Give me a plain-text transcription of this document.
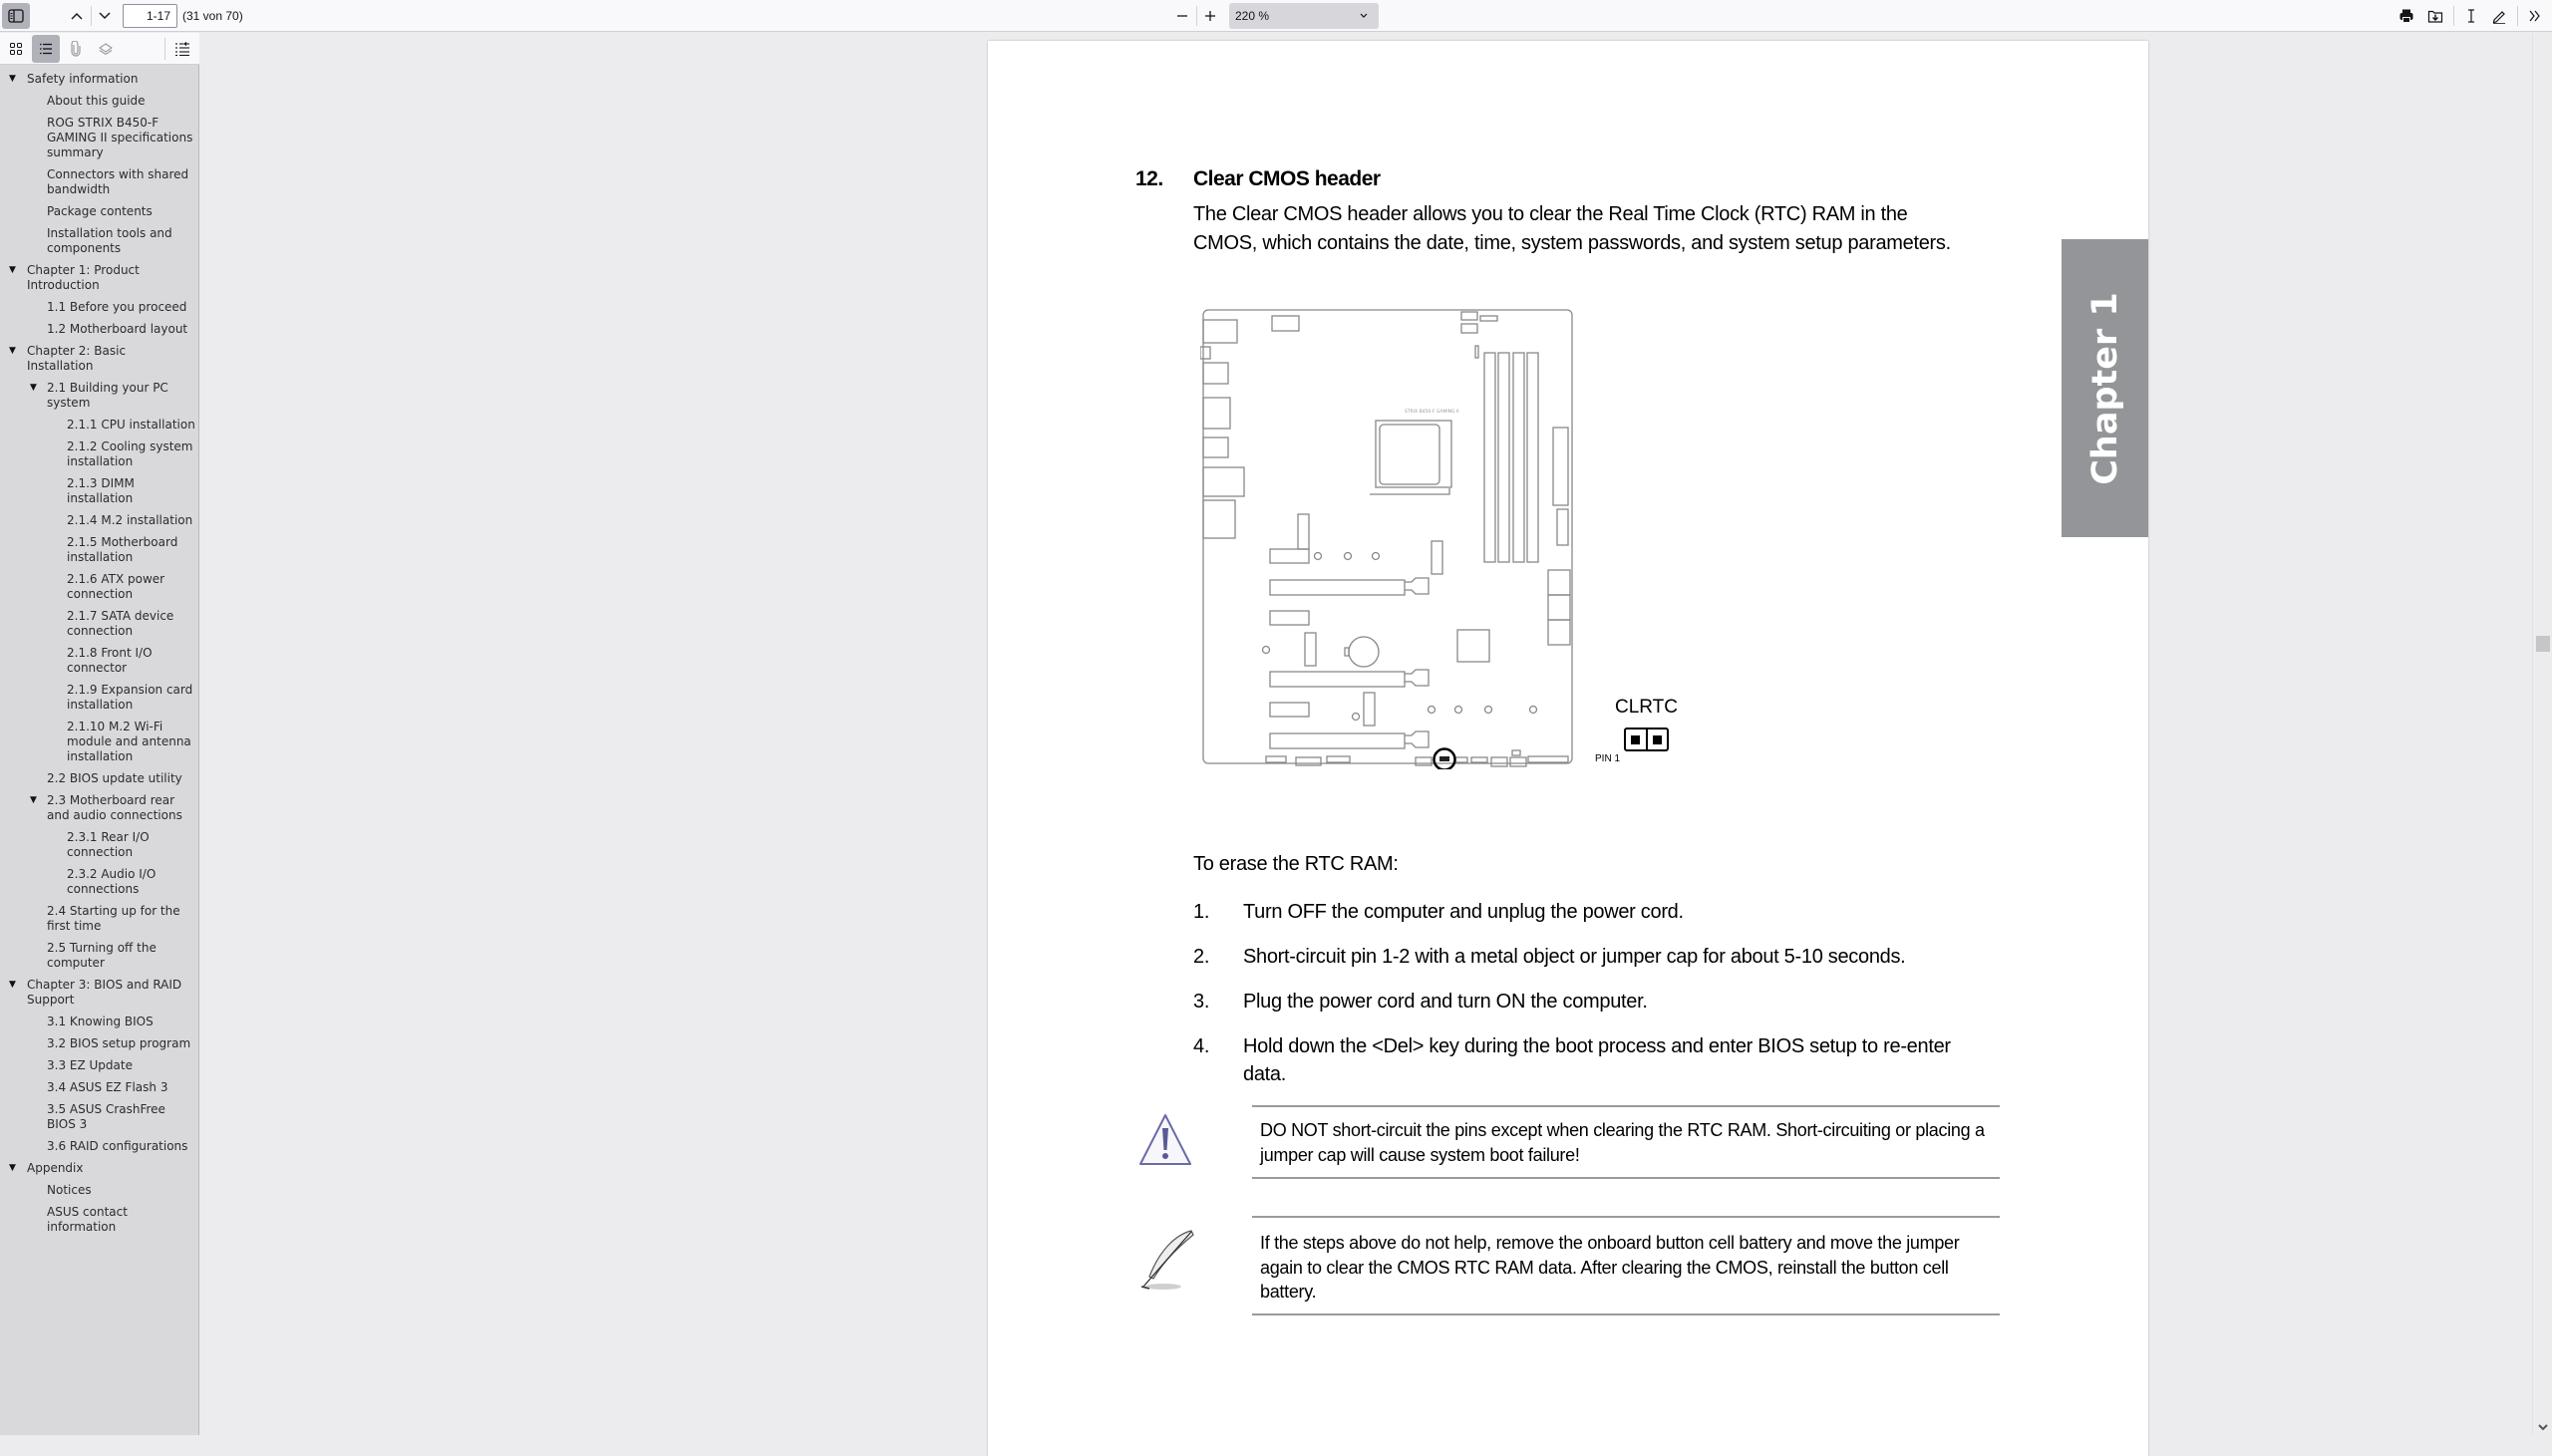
1-17	(31 von 70)	220 %
▼ Safety information
About this guide
ROG STRIX B450-F GAMING II specifications summary
Connectors with shared bandwidth
Package contents
Installation tools and components
▼ Chapter 1: Product Introduction
1.1 Before you proceed
1.2 Motherboard layout
▼ Chapter 2: Basic Installation
▼ 2.1 Building your PC system
2.1.1 CPU installation
2.1.2 Cooling system installation
2.1.3 DIMM installation
2.1.4 M.2 installation
2.1.5 Motherboard installation
2.1.6 ATX power connection
2.1.7 SATA device connection
2.1.8 Front I/O connector
2.1.9 Expansion card installation
2.1.10 M.2 Wi-Fi module and antenna installation
2.2 BIOS update utility
▼ 2.3 Motherboard rear and audio connections
2.3.1 Rear I/O connection
2.3.2 Audio I/O connections
2.4 Starting up for the first time
2.5 Turning off the computer
▼ Chapter 3: BIOS and RAID Support
3.1 Knowing BIOS
3.2 BIOS setup program
3.3 EZ Update
3.4 ASUS EZ Flash 3
3.5 ASUS CrashFree BIOS 3
3.6 RAID configurations
▼ Appendix
Notices
ASUS contact information
12. Clear CMOS header
The Clear CMOS header allows you to clear the Real Time Clock (RTC) RAM in the CMOS, which contains the date, time, system passwords, and system setup parameters.
STRIX B450-F GAMING II
CLRTC
PIN 1
To erase the RTC RAM:
1. Turn OFF the computer and unplug the power cord.
2. Short-circuit pin 1-2 with a metal object or jumper cap for about 5-10 seconds.
3. Plug the power cord and turn ON the computer.
4. Hold down the <Del> key during the boot process and enter BIOS setup to re-enter data.
DO NOT short-circuit the pins except when clearing the RTC RAM. Short-circuiting or placing a jumper cap will cause system boot failure!
If the steps above do not help, remove the onboard button cell battery and move the jumper again to clear the CMOS RTC RAM data. After clearing the CMOS, reinstall the button cell battery.
Chapter 1
